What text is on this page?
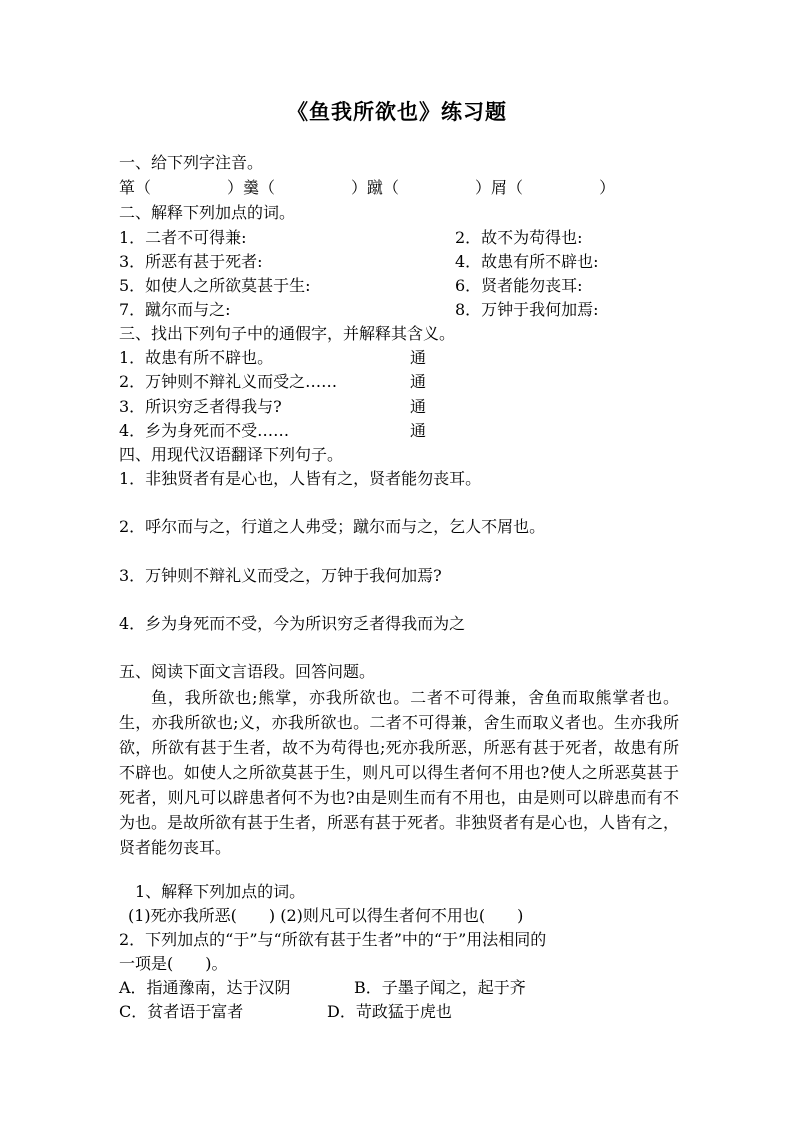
《鱼我所欲也》练习题
一、给下列字注音。
箪（	）羹（	）蹴（	）屑（	）
二、解释下列加点的词。
1．二者不可得兼:	2．故不为苟得也:
3．所恶有甚于死者:	4．故患有所不辟也:
5．如使人之所欲莫甚于生:	6．贤者能勿丧耳:
7．蹴尔而与之:	8．万钟于我何加焉:
三、找出下列句子中的通假字，并解释其含义。
1．故患有所不辟也。	通
2．万钟则不辩礼义而受之……	通
3．所识穷乏者得我与?	通
4．乡为身死而不受……	通
四、用现代汉语翻译下列句子。
1．非独贤者有是心也，人皆有之，贤者能勿丧耳。
2．呼尔而与之，行道之人弗受；蹴尔而与之，乞人不屑也。
3．万钟则不辩礼义而受之，万钟于我何加焉?
4．乡为身死而不受，今为所识穷乏者得我而为之
五、阅读下面文言语段。回答问题。
鱼，我所欲也;熊掌，亦我所欲也。二者不可得兼，舍鱼而取熊掌者也。生，亦我所欲也;义，亦我所欲也。二者不可得兼，舍生而取义者也。生亦我所欲，所欲有甚于生者，故不为苟得也;死亦我所恶，所恶有甚于死者，故患有所不辟也。如使人之所欲莫甚于生，则凡可以得生者何不用也?使人之所恶莫甚于死者，则凡可以辟患者何不为也?由是则生而有不用也，由是则可以辟患而有不为也。是故所欲有甚于生者，所恶有甚于死者。非独贤者有是心也，人皆有之，贤者能勿丧耳。
1、解释下列加点的词。
(1)死亦我所恶(　　) (2)则凡可以得生者何不用也(　　)
2．下列加点的“于”与“所欲有甚于生者”中的“于”用法相同的
一项是(　　)。
A．指通豫南，达于汉阴	B．子墨子闻之，起于齐
C．贫者语于富者	D．苛政猛于虎也
